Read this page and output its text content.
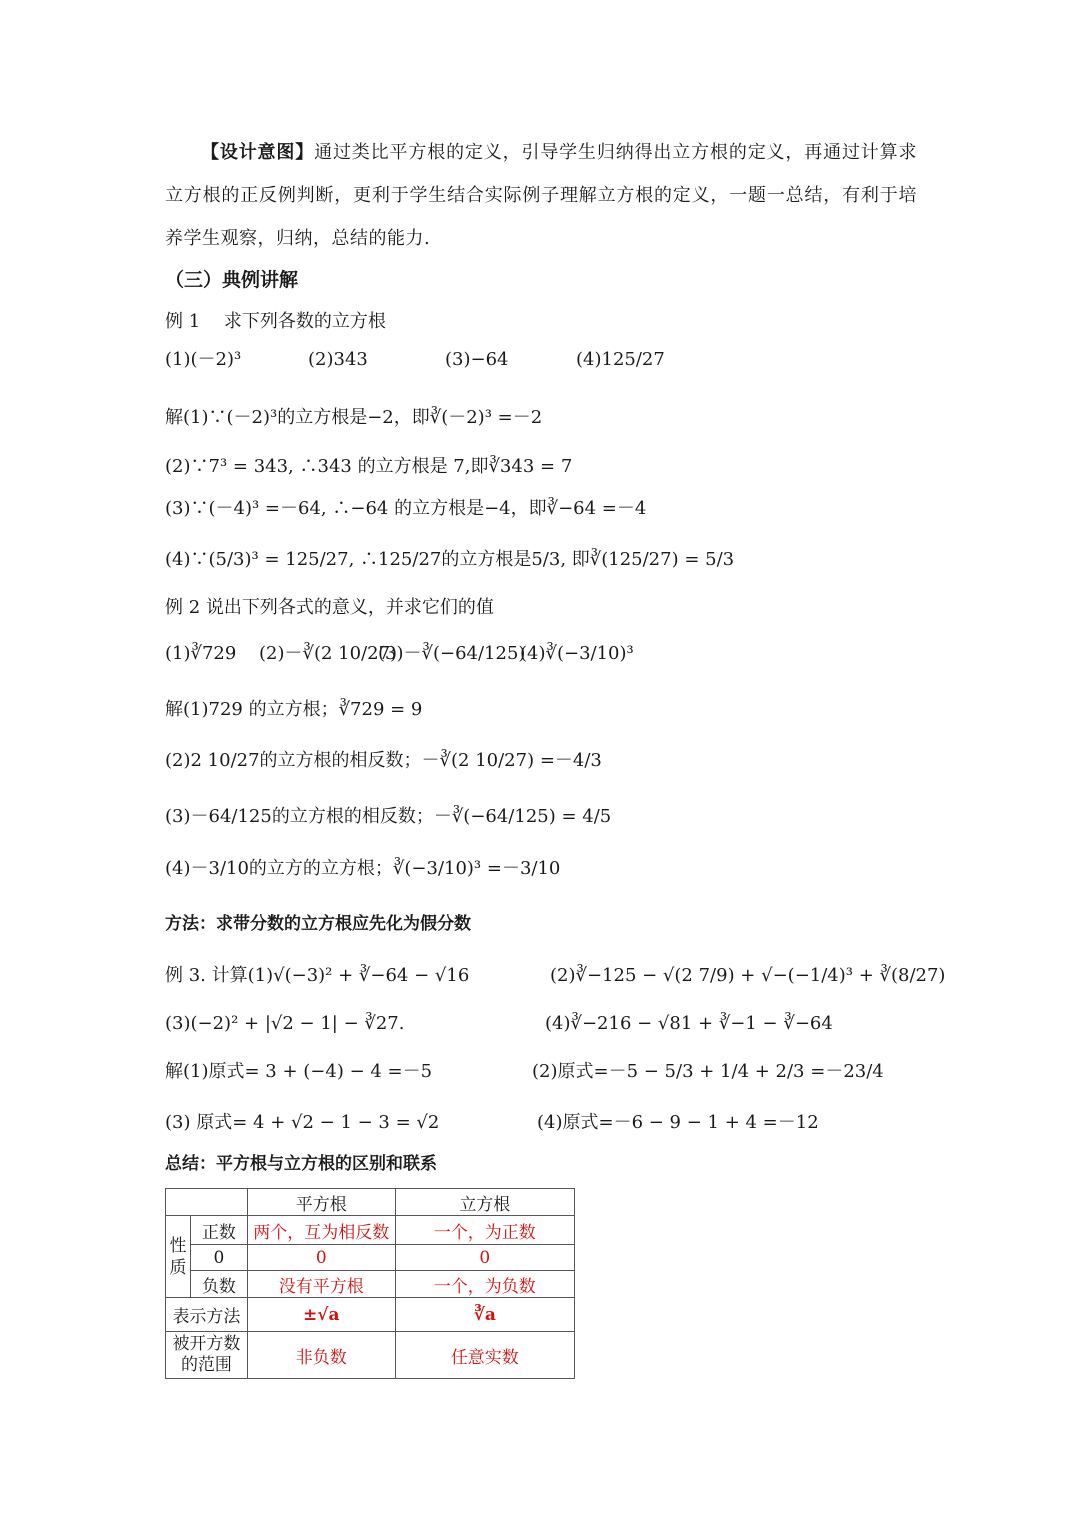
【设计意图】通过类比平方根的定义，引导学生归纳得出立方根的定义，再通过计算求立方根的正反例判断，更利于学生结合实际例子理解立方根的定义，一题一总结，有利于培养学生观察，归纳，总结的能力.
（三）典例讲解
例 1　 求下列各数的立方根
(1)(－2)³	(2)343	(3)−64	(4)125/27
解(1)∵(－2)³的立方根是−2，即∛(－2)³ =－2
(2)∵7³ = 343, ∴343 的立方根是 7,即∛343 = 7
(3)∵(－4)³ =－64, ∴−64 的立方根是−4，即∛−64 =－4
(4)∵(5/3)³ = 125/27, ∴125/27的立方根是5/3, 即∛(125/27) = 5/3
例 2 说出下列各式的意义，并求它们的值
(1)∛729 (2)－∛(2 10/27)
(3)－∛(−64/125)
(4)∛(−3/10)³
解(1)729 的立方根；∛729 = 9
(2)2 10/27的立方根的相反数；－∛(2 10/27) =－4/3
(3)－64/125的立方根的相反数；－∛(−64/125) = 4/5
(4)－3/10的立方的立方根；∛(−3/10)³ =－3/10
方法：求带分数的立方根应先化为假分数
例 3. 计算(1)√(−3)² + ∛−64 − √16	(2)∛−125 − √(2 7/9) + √−(−1/4)³ + ∛(8/27)
(3)(−2)² + |√2 − 1| − ∛27.	(4)∛−216 − √81 + ∛−1 − ∛−64
解(1)原式= 3 + (−4) − 4 =－5	(2)原式=－5 − 5/3 + 1/4 + 2/3 =－23/4
(3) 原式= 4 + √2 − 1 − 3 = √2	(4)原式=－6 − 9 − 1 + 4 =－12
总结：平方根与立方根的区别和联系
		平方根	立方根
性质	正数	两个，互为相反数	一个，为正数
	0	0	0
	负数	没有平方根	一个，为负数
表示方法		±√a	∛a
被开方数的范围		非负数	任意实数
